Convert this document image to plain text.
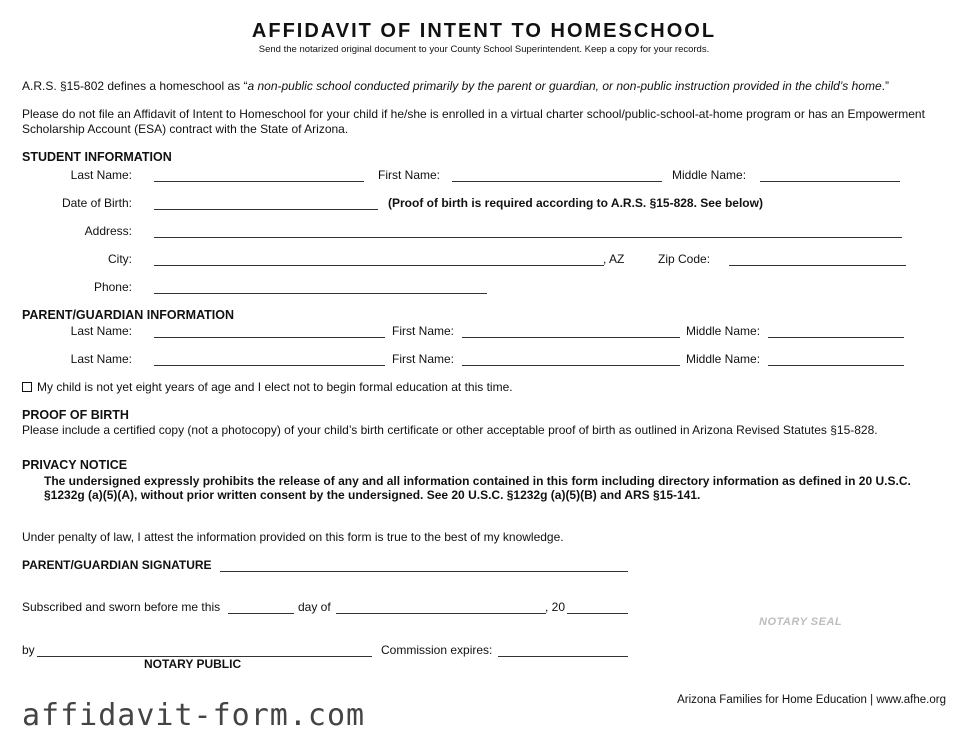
AFFIDAVIT OF INTENT TO HOMESCHOOL
Send the notarized original document to your County School Superintendent. Keep a copy for your records.
A.R.S. §15-802 defines a homeschool as “a non-public school conducted primarily by the parent or guardian, or non-public instruction provided in the child’s home.”
Please do not file an Affidavit of Intent to Homeschool for your child if he/she is enrolled in a virtual charter school/public-school-at-home program or has an Empowerment Scholarship Account (ESA) contract with the State of Arizona.
STUDENT INFORMATION
Last Name:	First Name:	Middle Name:
Date of Birth:	(Proof of birth is required according to A.R.S. §15-828. See below)
Address:
City:	, AZ	Zip Code:
Phone:
PARENT/GUARDIAN INFORMATION
Last Name:	First Name:	Middle Name:
Last Name:	First Name:	Middle Name:
My child is not yet eight years of age and I elect not to begin formal education at this time.
PROOF OF BIRTH
Please include a certified copy (not a photocopy) of your child’s birth certificate or other acceptable proof of birth as outlined in Arizona Revised Statutes §15-828.
PRIVACY NOTICE
The undersigned expressly prohibits the release of any and all information contained in this form including directory information as defined in 20 U.S.C.
§1232g (a)(5)(A), without prior written consent by the undersigned. See 20 U.S.C. §1232g (a)(5)(B) and ARS §15-141.
Under penalty of law, I attest the information provided on this form is true to the best of my knowledge.
PARENT/GUARDIAN SIGNATURE
Subscribed and sworn before me this	day of	, 20
NOTARY SEAL
by	Commission expires:
NOTARY PUBLIC
Arizona Families for Home Education | www.afhe.org
affidavit-form.com
